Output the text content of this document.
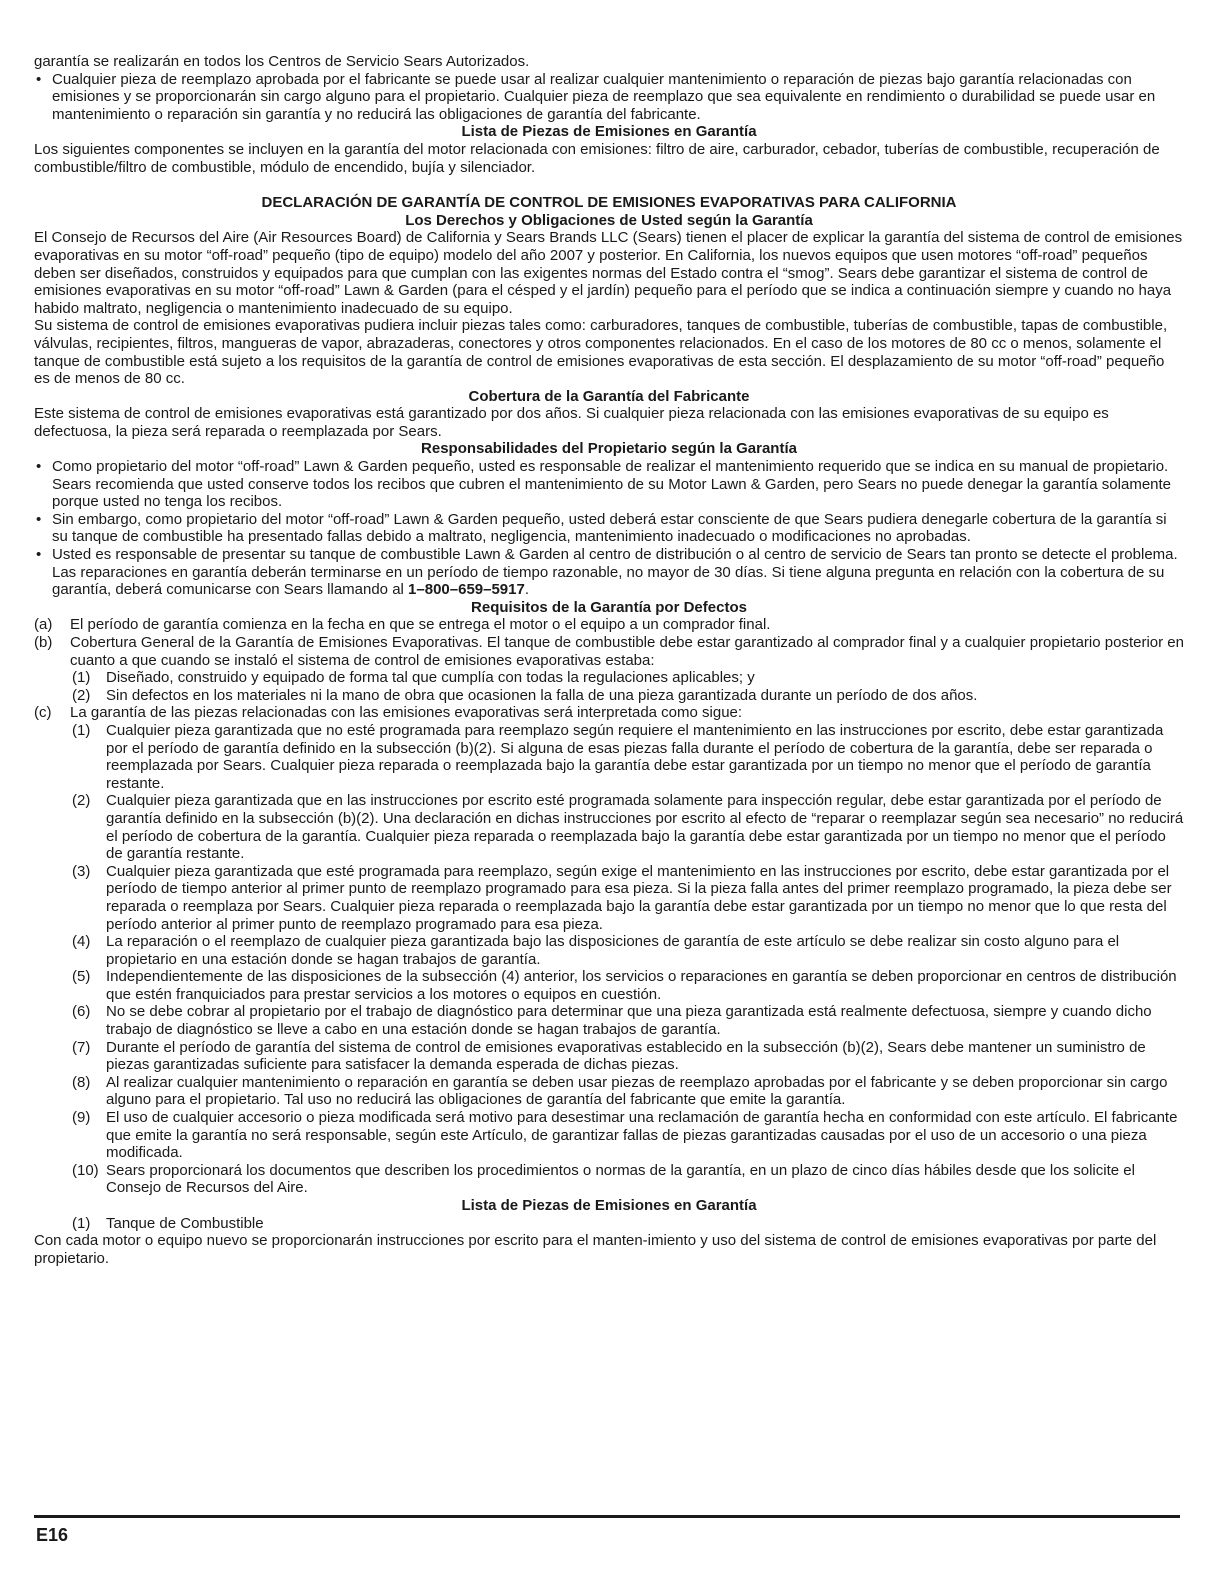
garantía se realizarán en todos los Centros de Servicio Sears Autorizados.

• Cualquier pieza de reemplazo aprobada por el fabricante se puede usar al realizar cualquier mantenimiento o reparación de piezas bajo garantía relacionadas con emisiones y se proporcionarán sin cargo alguno para el propietario. Cualquier pieza de reemplazo que sea equivalente en rendimiento o durabilidad se puede usar en mantenimiento o reparación sin garantía y no reducirá las obligaciones de garantía del fabricante.

Lista de Piezas de Emisiones en Garantía

Los siguientes componentes se incluyen en la garantía del motor relacionada con emisiones: filtro de aire, carburador, cebador, tuberías de combustible, recuperación de combustible/filtro de combustible, módulo de encendido, bujía y silenciador.

DECLARACIÓN DE GARANTÍA DE CONTROL DE EMISIONES EVAPORATIVAS PARA CALIFORNIA

Los Derechos y Obligaciones de Usted según la Garantía

El Consejo de Recursos del Aire (Air Resources Board) de California y Sears Brands LLC (Sears) tienen el placer de explicar la garantía del sistema de control de emisiones evaporativas en su motor “off-road” pequeño (tipo de equipo) modelo del año 2007 y posterior. En California, los nuevos equipos que usen motores “off-road” pequeños deben ser diseñados, construidos y equipados para que cumplan con las exigentes normas del Estado contra el “smog”. Sears debe garantizar el sistema de control de emisiones evaporativas en su motor “off-road” Lawn & Garden (para el césped y el jardín) pequeño para el período que se indica a continuación siempre y cuando no haya habido maltrato, negligencia o mantenimiento inadecuado de su equipo.

Su sistema de control de emisiones evaporativas pudiera incluir piezas tales como: carburadores, tanques de combustible, tuberías de combustible, tapas de combustible, válvulas, recipientes, filtros, mangueras de vapor, abrazaderas, conectores y otros componentes relacionados. En el caso de los motores de 80 cc o menos, solamente el tanque de combustible está sujeto a los requisitos de la garantía de control de emisiones evaporativas de esta sección. El desplazamiento de su motor “off-road” pequeño es de menos de 80 cc.

Cobertura de la Garantía del Fabricante

Este sistema de control de emisiones evaporativas está garantizado por dos años. Si cualquier pieza relacionada con las emisiones evaporativas de su equipo es defectuosa, la pieza será reparada o reemplazada por Sears.

Responsabilidades del Propietario según la Garantía

• Como propietario del motor “off-road” Lawn & Garden pequeño, usted es responsable de realizar el mantenimiento requerido que se indica en su manual de propietario. Sears recomienda que usted conserve todos los recibos que cubren el mantenimiento de su Motor Lawn & Garden, pero Sears no puede denegar la garantía solamente porque usted no tenga los recibos.

• Sin embargo, como propietario del motor “off-road” Lawn & Garden pequeño, usted deberá estar consciente de que Sears pudiera denegarle cobertura de la garantía si su tanque de combustible ha presentado fallas debido a maltrato, negligencia, mantenimiento inadecuado o modificaciones no aprobadas.

• Usted es responsable de presentar su tanque de combustible Lawn & Garden al centro de distribución o al centro de servicio de Sears tan pronto se detecte el problema. Las reparaciones en garantía deberán terminarse en un período de tiempo razonable, no mayor de 30 días. Si tiene alguna pregunta en relación con la cobertura de su garantía, deberá comunicarse con Sears llamando al 1–800–659–5917.

Requisitos de la Garantía por Defectos

(a) El período de garantía comienza en la fecha en que se entrega el motor o el equipo a un comprador final.

(b) Cobertura General de la Garantía de Emisiones Evaporativas. El tanque de combustible debe estar garantizado al comprador final y a cualquier propietario posterior en cuanto a que cuando se instaló el sistema de control de emisiones evaporativas estaba:

(1) Diseñado, construido y equipado de forma tal que cumplía con todas la regulaciones aplicables; y

(2) Sin defectos en los materiales ni la mano de obra que ocasionen la falla de una pieza garantizada durante un período de dos años.

(c) La garantía de las piezas relacionadas con las emisiones evaporativas será interpretada como sigue:

(1) Cualquier pieza garantizada que no esté programada para reemplazo según requiere el mantenimiento en las instrucciones por escrito, debe estar garantizada por el período de garantía definido en la subsección (b)(2). Si alguna de esas piezas falla durante el período de cobertura de la garantía, debe ser reparada o reemplazada por Sears. Cualquier pieza reparada o reemplazada bajo la garantía debe estar garantizada por un tiempo no menor que el período de garantía restante.

(2) Cualquier pieza garantizada que en las instrucciones por escrito esté programada solamente para inspección regular, debe estar garantizada por el período de garantía definido en la subsección (b)(2). Una declaración en dichas instrucciones por escrito al efecto de “reparar o reemplazar según sea necesario” no reducirá el período de cobertura de la garantía. Cualquier pieza reparada o reemplazada bajo la garantía debe estar garantizada por un tiempo no menor que el período de garantía restante.

(3) Cualquier pieza garantizada que esté programada para reemplazo, según exige el mantenimiento en las instrucciones por escrito, debe estar garantizada por el período de tiempo anterior al primer punto de reemplazo programado para esa pieza. Si la pieza falla antes del primer reemplazo programado, la pieza debe ser reparada o reemplaza por Sears. Cualquier pieza reparada o reemplazada bajo la garantía debe estar garantizada por un tiempo no menor que lo que resta del período anterior al primer punto de reemplazo programado para esa pieza.

(4) La reparación o el reemplazo de cualquier pieza garantizada bajo las disposiciones de garantía de este artículo se debe realizar sin costo alguno para el propietario en una estación donde se hagan trabajos de garantía.

(5) Independientemente de las disposiciones de la subsección (4) anterior, los servicios o reparaciones en garantía se deben proporcionar en centros de distribución que estén franquiciados para prestar servicios a los motores o equipos en cuestión.

(6) No se debe cobrar al propietario por el trabajo de diagnóstico para determinar que una pieza garantizada está realmente defectuosa, siempre y cuando dicho trabajo de diagnóstico se lleve a cabo en una estación donde se hagan trabajos de garantía.

(7) Durante el período de garantía del sistema de control de emisiones evaporativas establecido en la subsección (b)(2), Sears debe mantener un suministro de piezas garantizadas suficiente para satisfacer la demanda esperada de dichas piezas.

(8) Al realizar cualquier mantenimiento o reparación en garantía se deben usar piezas de reemplazo aprobadas por el fabricante y se deben proporcionar sin cargo alguno para el propietario. Tal uso no reducirá las obligaciones de garantía del fabricante que emite la garantía.

(9) El uso de cualquier accesorio o pieza modificada será motivo para desestimar una reclamación de garantía hecha en conformidad con este artículo. El fabricante que emite la garantía no será responsable, según este Artículo, de garantizar fallas de piezas garantizadas causadas por el uso de un accesorio o una pieza modificada.

(10) Sears proporcionará los documentos que describen los procedimientos o normas de la garantía, en un plazo de cinco días hábiles desde que los solicite el Consejo de Recursos del Aire.

Lista de Piezas de Emisiones en Garantía

(1) Tanque de Combustible

Con cada motor o equipo nuevo se proporcionarán instrucciones por escrito para el manten-imiento y uso del sistema de control de emisiones evaporativas por parte del propietario.

E16
